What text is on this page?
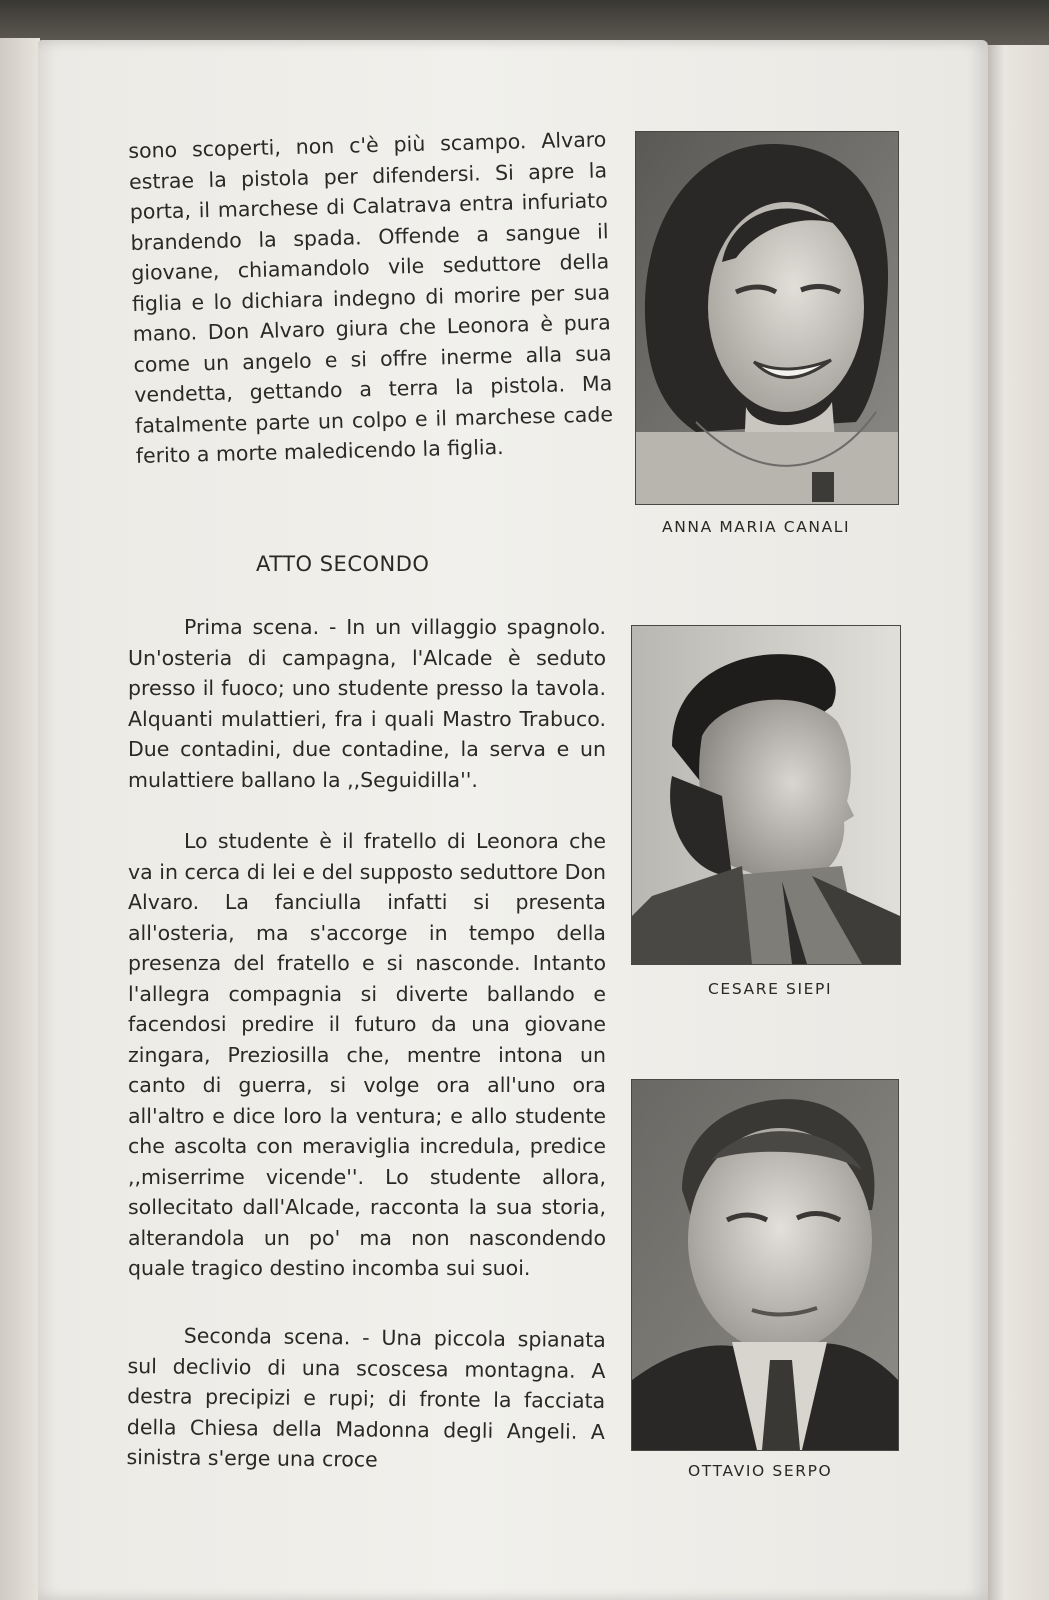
sono scoperti, non c'è più scampo. Alvaro estrae la pistola per difendersi. Si apre la porta, il marchese di Calatrava entra infuriato brandendo la spada. Offende a sangue il giovane, chiamandolo vile seduttore della figlia e lo dichiara indegno di morire per sua mano. Don Alvaro giura che Leonora è pura come un angelo e si offre inerme alla sua vendetta, gettando a terra la pistola. Ma fatalmente parte un colpo e il marchese cade ferito a morte maledicendo la figlia.

ATTO SECONDO

Prima scena. - In un villaggio spagnolo. Un'osteria di campagna, l'Alcade è seduto presso il fuoco; uno studente presso la tavola. Alquanti mulattieri, fra i quali Mastro Trabuco. Due contadini, due contadine, la serva e un mulattiere ballano la ,,Seguidilla''.

Lo studente è il fratello di Leonora che va in cerca di lei e del supposto seduttore Don Alvaro. La fanciulla infatti si presenta all'osteria, ma s'accorge in tempo della presenza del fratello e si nasconde. Intanto l'allegra compagnia si diverte ballando e facendosi predire il futuro da una giovane zingara, Preziosilla che, mentre intona un canto di guerra, si volge ora all'uno ora all'altro e dice loro la ventura; e allo studente che ascolta con meraviglia incredula, predice ,,miserrime vicende''. Lo studente allora, sollecitato dall'Alcade, racconta la sua storia, alterandola un po' ma non nascondendo quale tragico destino incomba sui suoi.

Seconda scena. - Una piccola spianata sul declivio di una scoscesa montagna. A destra precipizi e rupi; di fronte la facciata della Chiesa della Madonna degli Angeli. A sinistra s'erge una croce

ANNA MARIA CANALI

CESARE SIEPI

OTTAVIO SERPO
